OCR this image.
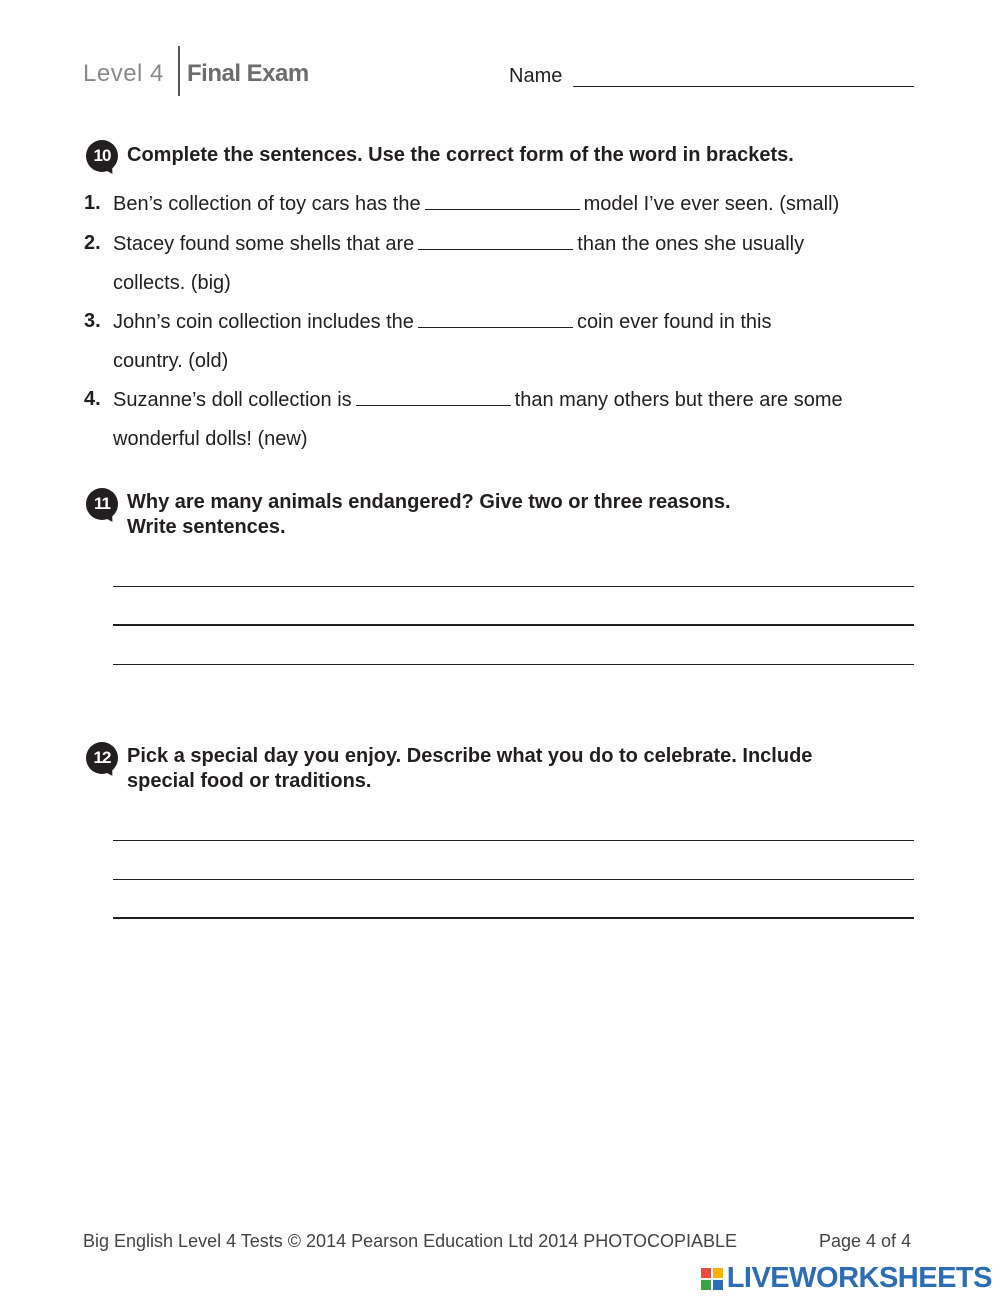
Level 4 Final Exam	Name
10 Complete the sentences. Use the correct form of the word in brackets.
1. Ben’s collection of toy cars has the	model I’ve ever seen. (small)
2. Stacey found some shells that are	than the ones she usually
collects. (big)
3. John’s coin collection includes the	coin ever found in this
country. (old)
4. Suzanne’s doll collection is	than many others but there are some
wonderful dolls! (new)
11 Why are many animals endangered? Give two or three reasons.
Write sentences.
12 Pick a special day you enjoy. Describe what you do to celebrate. Include
special food or traditions.
Big English Level 4 Tests © 2014 Pearson Education Ltd 2014 PHOTOCOPIABLE	Page 4 of 4
LIVEWORKSHEETS
